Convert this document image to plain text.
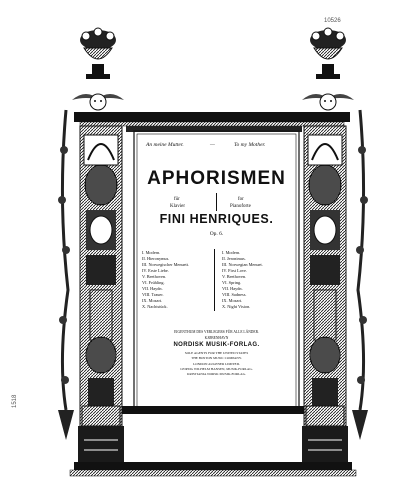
10526
1518
An meine Mutter.	—	To my Mother.
APHORISMEN
für
Klavier
for
Pianoforte
FINI HENRIQUES.
Op. 6.
I. Modern.
II. Hieronymus.
III. Norwegischer Menuett.
IV. Erste Liebe.
V. Beethoven.
VI. Frühling.
VII. Haydn.
VIII. Trauer.
IX. Mozart.
X. Nachtstück.
I. Modern.
II. Jeronimus.
III. Norwegian Menuet.
IV. First Love.
V. Beethoven.
VI. Spring.
VII. Haydn.
VIII. Sadness.
IX. Mozart.
X. Night Vision.
EIGENTHUM DES VERLEGERS FÜR ALLE LÄNDER.
KJØBENHAVN
NORDISK MUSIK-FORLAG.
SOLE AGENTS FOR THE UNITED STATES
THE BOSTON MUSIC COMPANY.
LONDON AUGENER LIMITED.
LEIPZIG WILHELM HANSEN, MUSIK-FORLAG.
KRISTIANIA NORSK MUSIK-FORLAG.
